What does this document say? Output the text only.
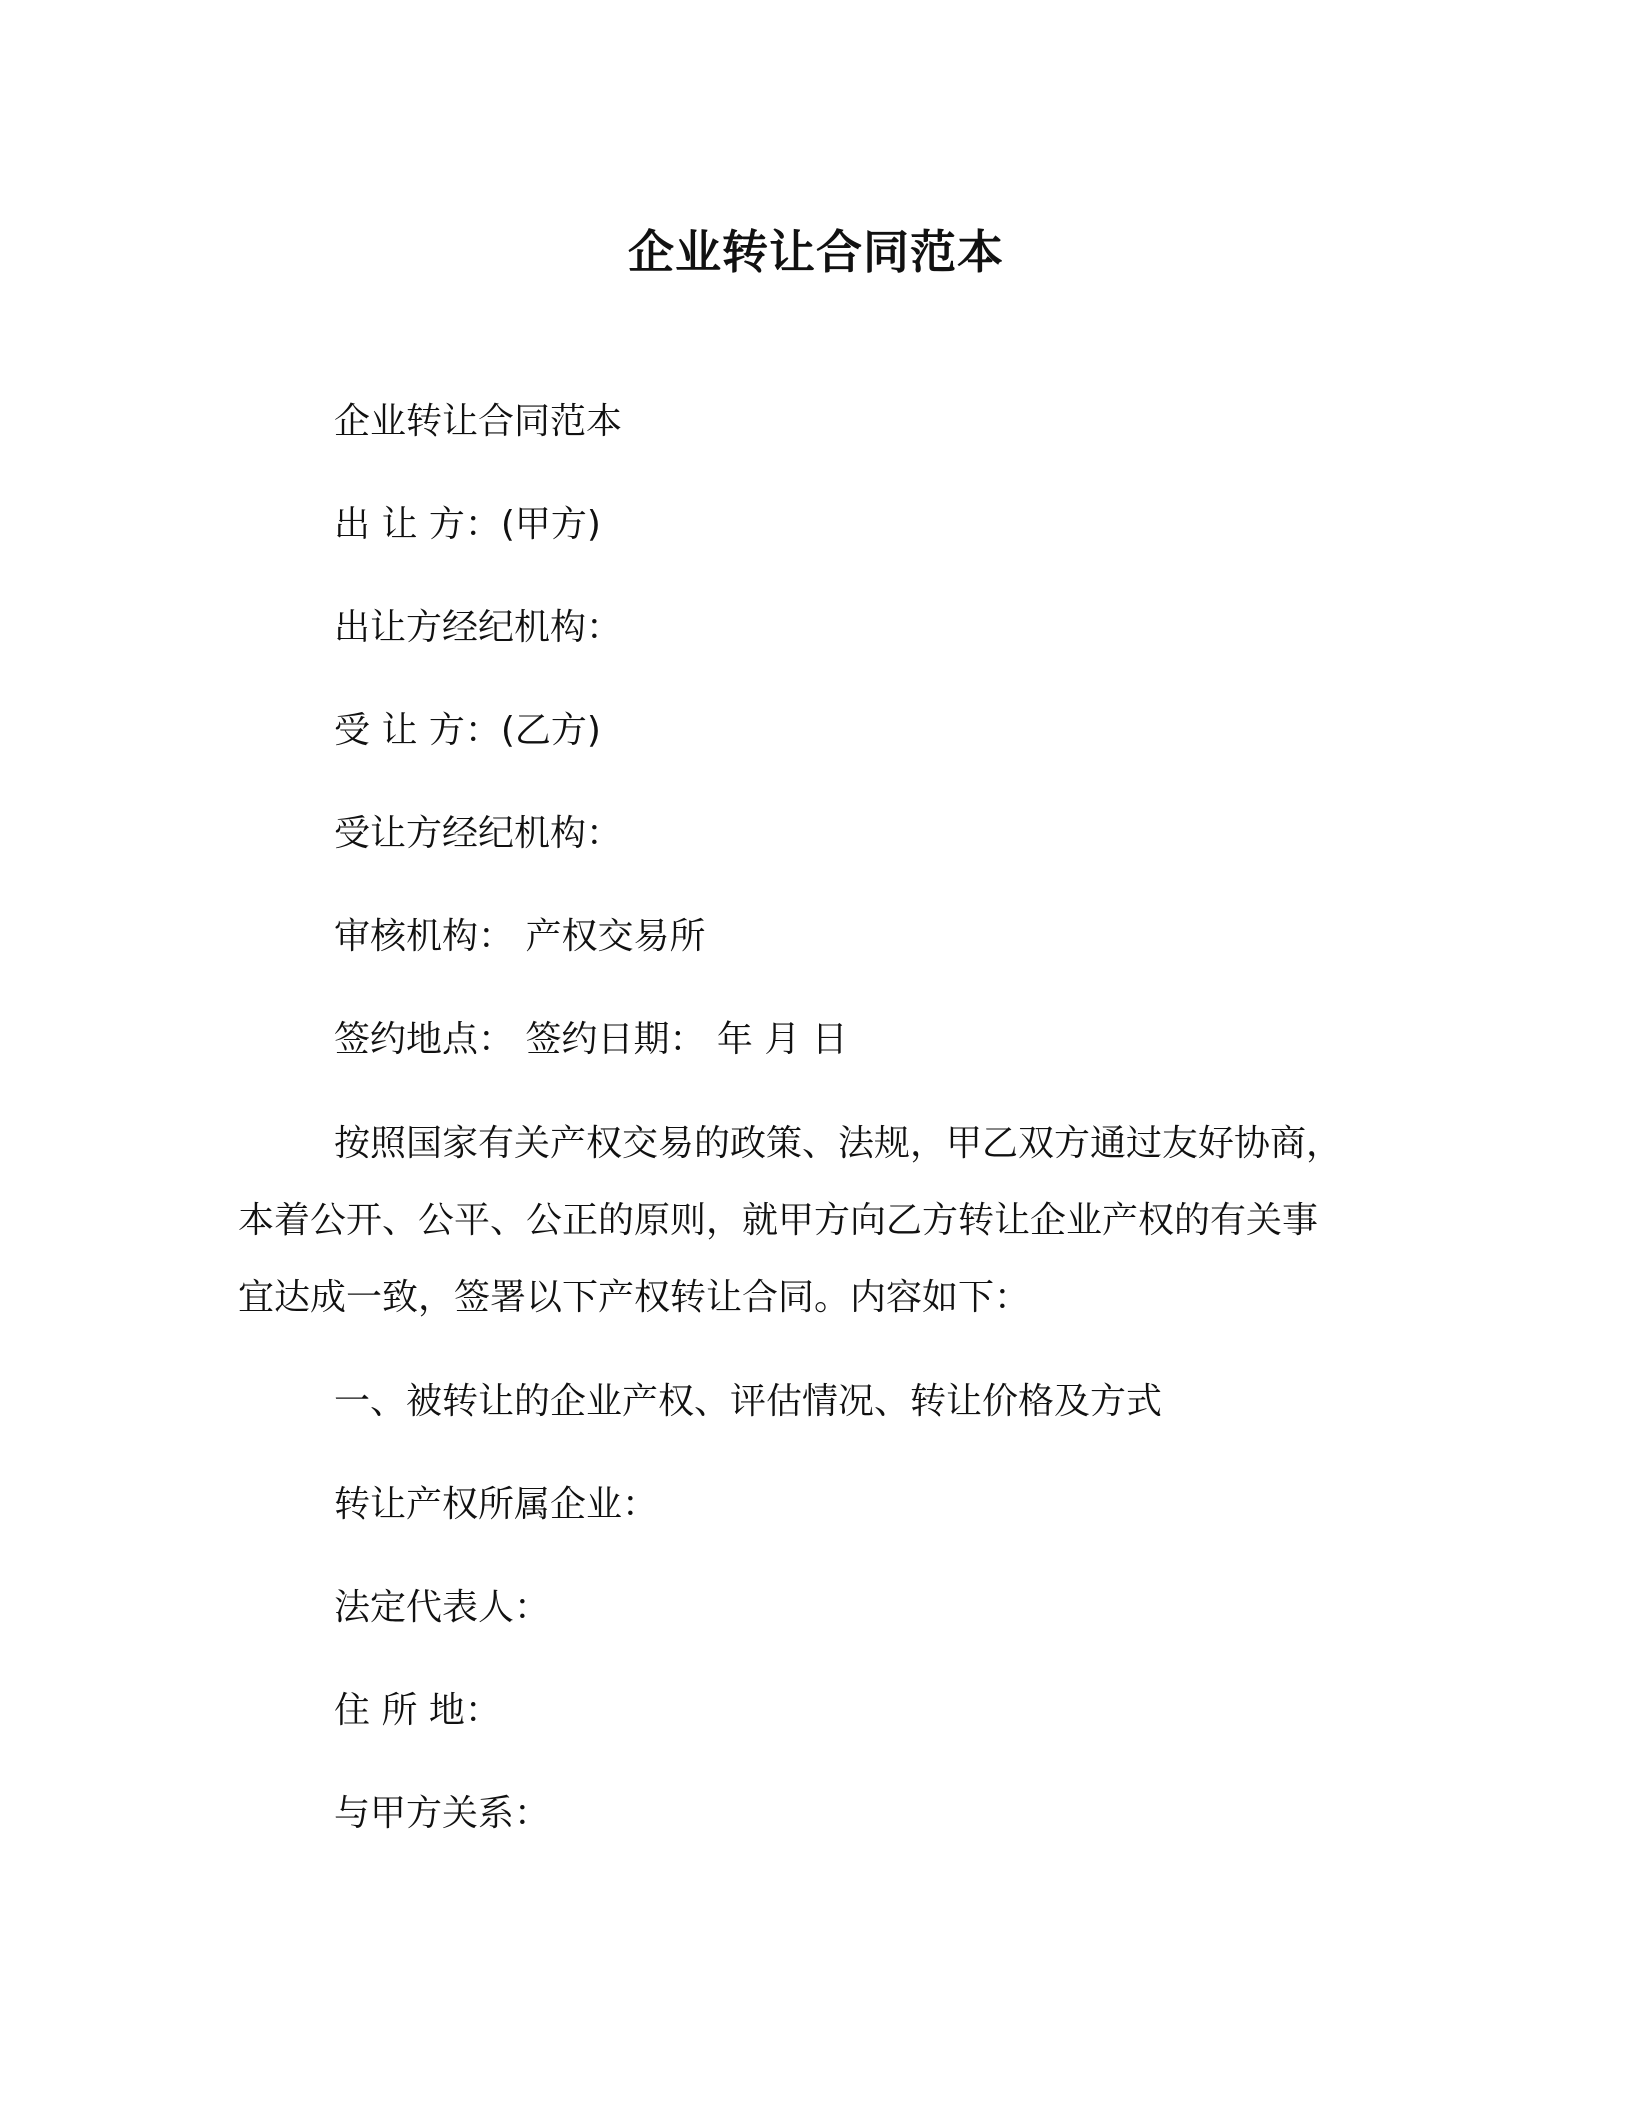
企业转让合同范本
企业转让合同范本
出 让 方：(甲方)
出让方经纪机构：
受 让 方：(乙方)
受让方经纪机构：
审核机构： 产权交易所
签约地点： 签约日期： 年 月 日
按照国家有关产权交易的政策、法规，甲乙双方通过友好协商，
本着公开、公平、公正的原则，就甲方向乙方转让企业产权的有关事
宜达成一致，签署以下产权转让合同。内容如下：
一、被转让的企业产权、评估情况、转让价格及方式
转让产权所属企业：
法定代表人：
住 所 地：
与甲方关系：
